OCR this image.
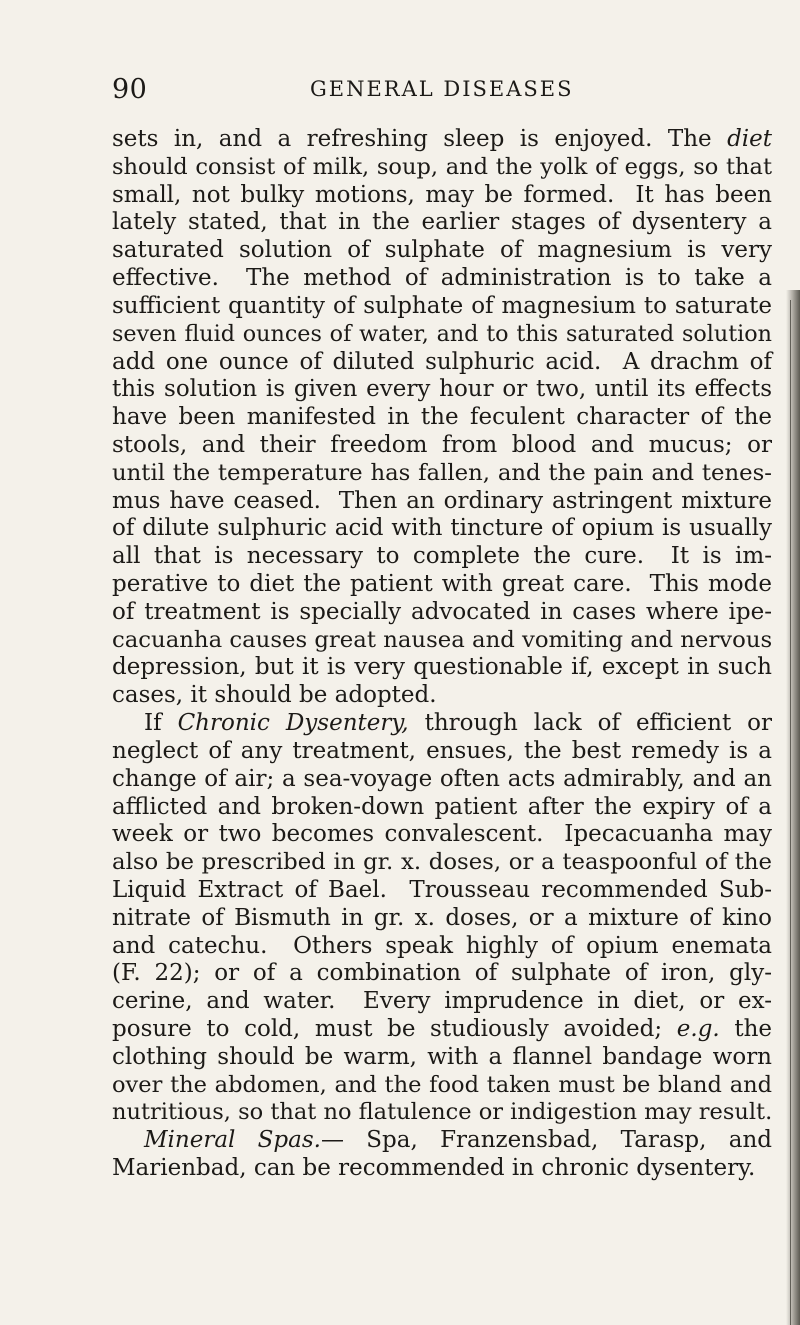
90	GENERAL DISEASES
sets in, and a refreshing sleep is enjoyed. The diet
should consist of milk, soup, and the yolk of eggs, so that
small, not bulky motions, may be formed.  It has been
lately stated, that in the earlier stages of dysentery a
saturated solution of sulphate of magnesium is very
effective.  The method of administration is to take a
sufficient quantity of sulphate of magnesium to saturate
seven fluid ounces of water, and to this saturated solution
add one ounce of diluted sulphuric acid.  A drachm of
this solution is given every hour or two, until its effects
have been manifested in the feculent character of the
stools, and their freedom from blood and mucus; or
until the temperature has fallen, and the pain and tenes-
mus have ceased.  Then an ordinary astringent mixture
of dilute sulphuric acid with tincture of opium is usually
all that is necessary to complete the cure.  It is im-
perative to diet the patient with great care.  This mode
of treatment is specially advocated in cases where ipe-
cacuanha causes great nausea and vomiting and nervous
depression, but it is very questionable if, except in such
cases, it should be adopted.
If Chronic Dysentery, through lack of efficient or
neglect of any treatment, ensues, the best remedy is a
change of air; a sea-voyage often acts admirably, and an
afflicted and broken-down patient after the expiry of a
week or two becomes convalescent.  Ipecacuanha may
also be prescribed in gr. x. doses, or a teaspoonful of the
Liquid Extract of Bael.  Trousseau recommended Sub-
nitrate of Bismuth in gr. x. doses, or a mixture of kino
and catechu.  Others speak highly of opium enemata
(F. 22); or of a combination of sulphate of iron, gly-
cerine, and water.  Every imprudence in diet, or ex-
posure to cold, must be studiously avoided; e.g. the
clothing should be warm, with a flannel bandage worn
over the abdomen, and the food taken must be bland and
nutritious, so that no flatulence or indigestion may result.
Mineral Spas.— Spa, Franzensbad, Tarasp, and
Marienbad, can be recommended in chronic dysentery.
